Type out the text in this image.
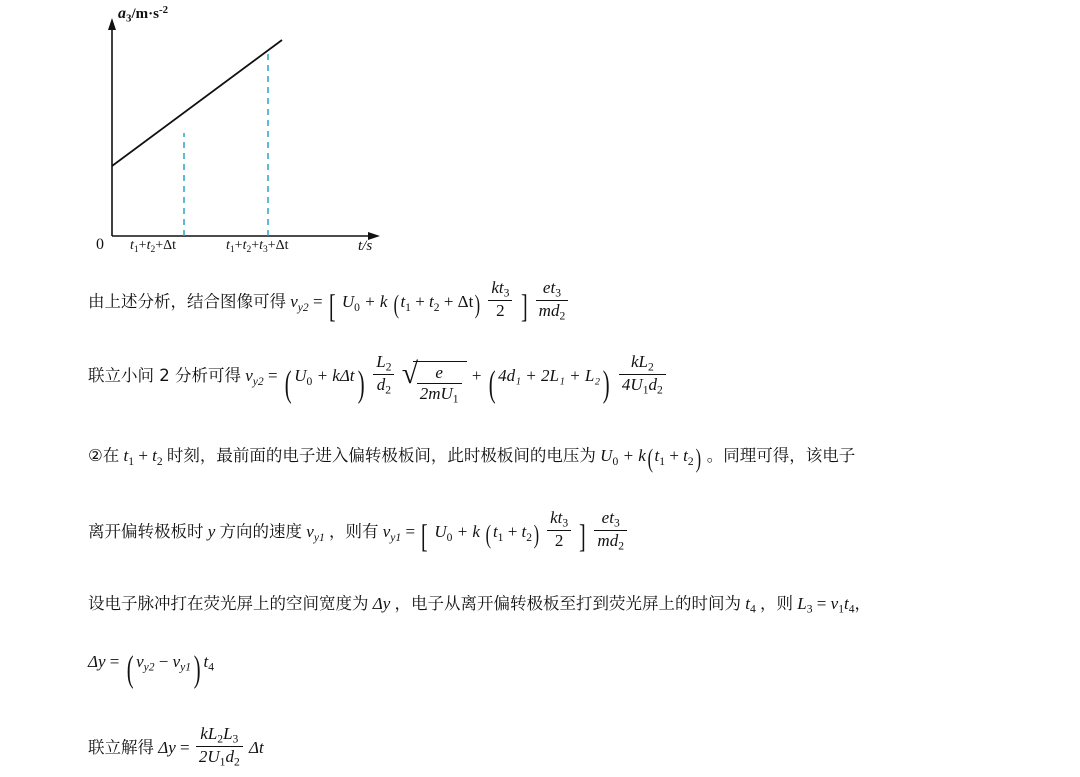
$a_3/m\cdot s^{-2}$
0 $t_1+t_2+\Delta t$	$t_1+t_2+t_3+\Delta t$	t/s
由上述分析，结合图像可得 $v_{y2}$ = [ $U_0 + k$ $(t_1 + t_2 + \Delta t) \frac{kt_3}{2}$ ] $\frac{et_3}{md_2}$
联立小问 2 分析可得 $v_{y2}$ = ( $U_0 + k\Delta t) \frac{L_2}{d_2}$
√
$\frac{e}{2mU_1}$ + ( $4d_1 + 2L_1 + L_2) \frac{kL_2}{4U_1d_2}$
②在 $t_1 + t_2$ 时刻，最前面的电子进入偏转极板间，此时极板间的电压为 $U_0 + k(t_1 + t_2)$ 。同理可得，该电子
离开偏转极板时 y 方向的速度 $v_{y1}$ ，则有 $v_{y1}$ = [ $U_0 + k$ $(t_1 + t_2) \frac{kt_3}{2}$ ] $\frac{et_3}{md_2}$
设电子脉冲打在荧光屏上的空间宽度为 Δy ，电子从离开偏转极板至打到荧光屏上的时间为 $t_4$ ，则 $L_3 = v_1t_4$，
Δy = ( $v_{y2} - v_{y1}$) $t_4$
联立解得 $\Delta y = \frac{kL_2L_3}{2U_1d_2}$ Δt
